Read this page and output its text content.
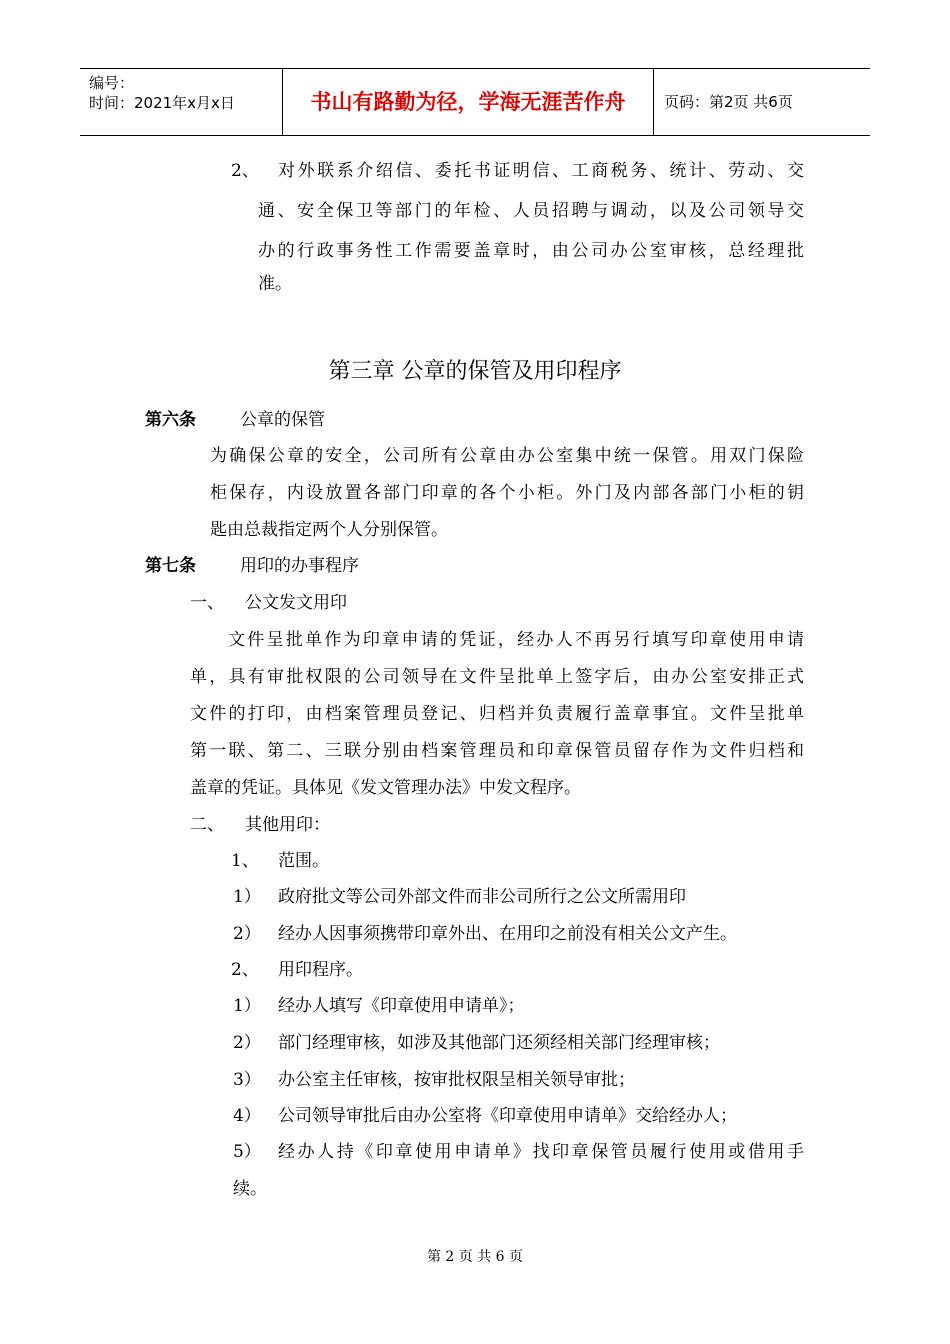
编号：
时间：2021年x月x日	书山有路勤为径，学海无涯苦作舟	页码：第2页 共6页
2、 对外联系介绍信、委托书证明信、工商税务、统计、劳动、交
通、安全保卫等部门的年检、人员招聘与调动，以及公司领导交
办的行政事务性工作需要盖章时，由公司办公室审核，总经理批
准。
第三章 公章的保管及用印程序
第六条	公章的保管
为确保公章的安全，公司所有公章由办公室集中统一保管。用双门保险
柜保存，内设放置各部门印章的各个小柜。外门及内部各部门小柜的钥
匙由总裁指定两个人分别保管。
第七条	用印的办事程序
一、 公文发文用印
文件呈批单作为印章申请的凭证，经办人不再另行填写印章使用申请
单，具有审批权限的公司领导在文件呈批单上签字后，由办公室安排正式
文件的打印，由档案管理员登记、归档并负责履行盖章事宜。文件呈批单
第一联、第二、三联分别由档案管理员和印章保管员留存作为文件归档和
盖章的凭证。具体见《发文管理办法》中发文程序。
二、 其他用印：
1、 范围。
1） 政府批文等公司外部文件而非公司所行之公文所需用印
2） 经办人因事须携带印章外出、在用印之前没有相关公文产生。
2、 用印程序。
1） 经办人填写《印章使用申请单》；
2） 部门经理审核，如涉及其他部门还须经相关部门经理审核；
3） 办公室主任审核，按审批权限呈相关领导审批；
4） 公司领导审批后由办公室将《印章使用申请单》交给经办人；
5） 经办人持《印章使用申请单》找印章保管员履行使用或借用手
续。
第 2 页 共 6 页
